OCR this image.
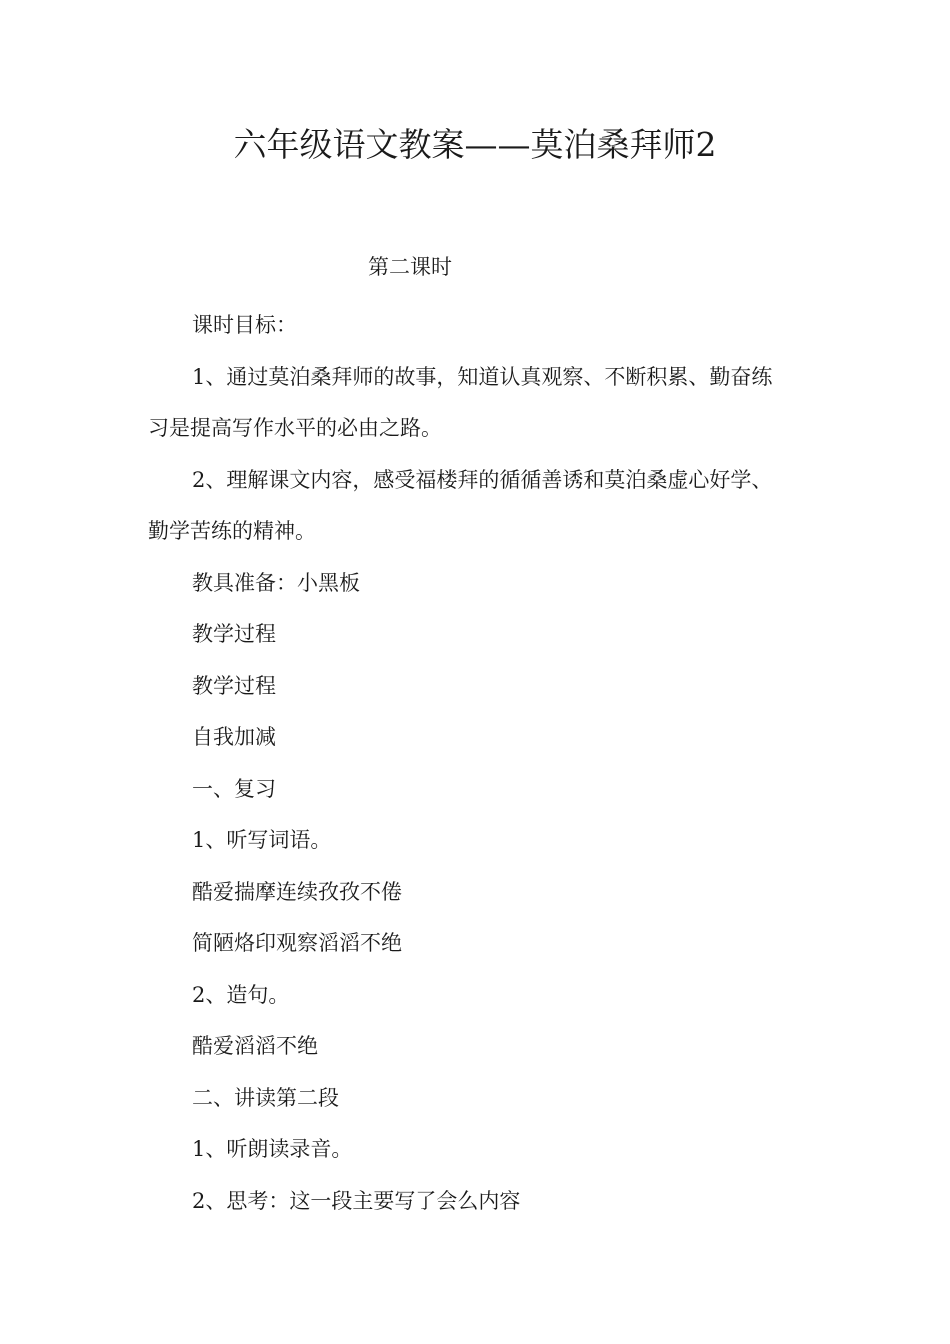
六年级语文教案——莫泊桑拜师2
第二课时

课时目标：

1、通过莫泊桑拜师的故事，知道认真观察、不断积累、勤奋练习是提高写作水平的必由之路。

2、理解课文内容，感受福楼拜的循循善诱和莫泊桑虚心好学、勤学苦练的精神。

教具准备：小黑板

教学过程

教学过程

自我加减

一、复习

1、听写词语。

酷爱揣摩连续孜孜不倦

简陋烙印观察滔滔不绝

2、造句。

酷爱滔滔不绝

二、讲读第二段

1、听朗读录音。

2、思考：这一段主要写了会么内容
